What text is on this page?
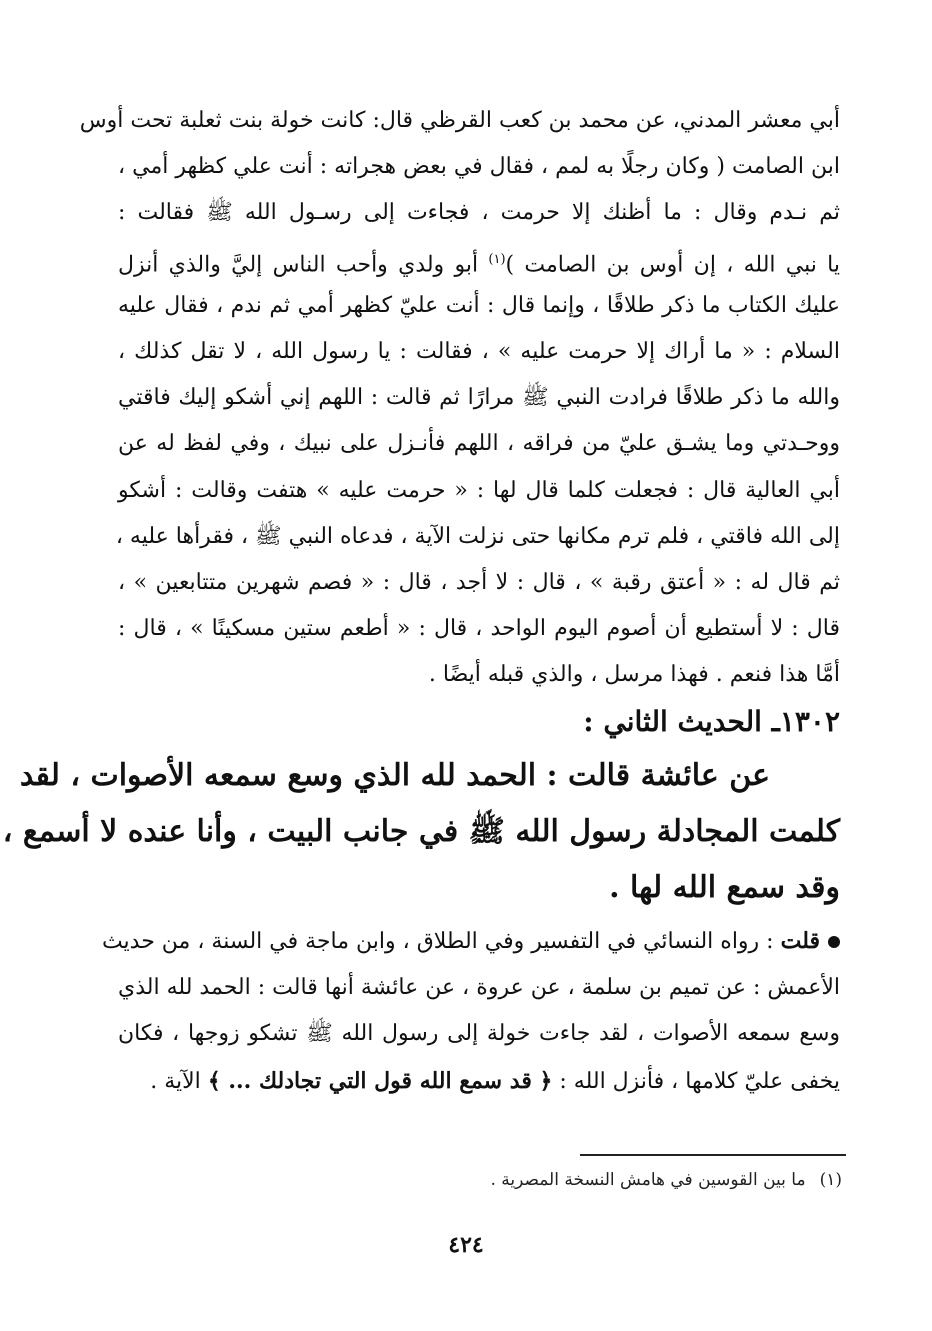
أبي معشر المدني، عن محمد بن كعب القرظي قال: كانت خولة بنت ثعلبة تحت أوس
ابن الصامت ( وكان رجلًا به لمم ، فقال في بعض هجراته : أنت علي كظهر أمي ،
ثم نـدم وقال : ما أظنك إلا حرمت ، فجاءت إلى رسـول الله ﷺ فقالت :
يا نبي الله ، إن أوس بن الصامت )$^{(١)}$ أبو ولدي وأحب الناس إليَّ والذي أنزل
عليك الكتاب ما ذكر طلاقًا ، وإنما قال : أنت عليّ كظهر أمي ثم ندم ، فقال عليه
السلام : « ما أراك إلا حرمت عليه » ، فقالت : يا رسول الله ، لا تقل كذلك ،
والله ما ذكر طلاقًا فرادت النبي ﷺ مرارًا ثم قالت : اللهم إني أشكو إليك فاقتي
ووحـدتي وما يشـق عليّ من فراقه ، اللهم فأنـزل على نبيك ، وفي لفظ له عن
أبي العالية قال : فجعلت كلما قال لها : « حرمت عليه » هتفت وقالت : أشكو
إلى الله فاقتي ، فلم ترم مكانها حتى نزلت الآية ، فدعاه النبي ﷺ ، فقرأها عليه ،
ثم قال له : « أعتق رقبة » ، قال : لا أجد ، قال : « فصم شهرين متتابعين » ،
قال : لا أستطيع أن أصوم اليوم الواحد ، قال : « أطعم ستين مسكينًا » ، قال :
أمَّا هذا فنعم . فهذا مرسل ، والذي قبله أيضًا .
١٣٠٢ـ الحديث الثاني :
عن عائشة قالت : الحمد لله الذي وسع سمعه الأصوات ، لقد
كلمت المجادلة رسول الله ﷺ في جانب البيت ، وأنا عنده لا أسمع ،
وقد سمع الله لها .
قلت : رواه النسائي في التفسير وفي الطلاق ، وابن ماجة في السنة ، من حديث
الأعمش : عن تميم بن سلمة ، عن عروة ، عن عائشة أنها قالت : الحمد لله الذي
وسع سمعه الأصوات ، لقد جاءت خولة إلى رسول الله ﷺ تشكو زوجها ، فكان
يخفى عليّ كلامها ، فأنزل الله : ﴿ قد سمع الله قول التي تجادلك ... ﴾ الآية .
(١)ما بين القوسين في هامش النسخة المصرية .
٤٢٤
